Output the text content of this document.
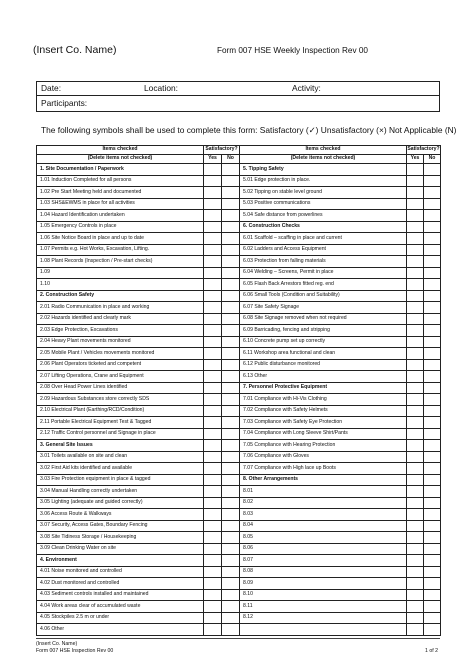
(Insert Co. Name)	Form 007 HSE Weekly Inspection Rev 00
Date:	Location:	Activity:
Participants:
The following symbols shall be used to complete this form: Satisfactory (✓) Unsatisfactory (×) Not Applicable (N)
Items checked	Satisfactory?		Items checked	Satisfactory?	
(Delete items not checked)	Yes	No	(Delete items not checked)	Yes	No
1. Site Documentation / Paperwork			5. Tipping Safety		
1.01 Induction Completed for all persons			5.01 Edge protection in place.		
1.02 Pre Start Meeting held and documented			5.02 Tipping on stable level ground		
1.03 SHS&EWMS in place for all activities			5.03 Positive communications		
1.04 Hazard Identification undertaken			5.04 Safe distance from powerlines		
1.05 Emergency Controls in place			6. Construction Checks		
1.06 Site Notice Board in place and up to date			6.01 Scaffold – scaffing in place and current		
1.07 Permits e.g. Hot Works, Excavation, Lifting.			6.02 Ladders and Access Equipment		
1.08 Plant Records (Inspection / Pre-start checks)			6.03 Protection from falling materials		
1.09			6.04 Welding – Screens, Permit in place		
1.10			6.05 Flash Back Arrestors fitted reg. end		
2. Construction Safety			6.06 Small Tools (Condition and Suitability)		
2.01 Radio Communication in place and working			6.07 Site Safety Signage		
2.02 Hazards identified and clearly mark			6.08 Site Signage removed when not required		
2.03 Edge Protection, Excavations			6.09 Barricading, fencing and stripping		
2.04 Heavy Plant movements monitored			6.10 Concrete pump set up correctly		
2.05 Mobile Plant / Vehicles movements monitored			6.11 Workshop area functional and clean		
2.06 Plant Operators ticketed and competent			6.12 Public disturbance monitored		
2.07 Lifting Operations, Crane and Equipment			6.13 Other		
2.08 Over Head Power Lines identified			7. Personnel Protective Equipment		
2.09 Hazardous Substances store correctly SDS			7.01 Compliance with Hi-Vis Clothing		
2.10 Electrical Plant (Earthing/RCD/Condition)			7.02 Compliance with Safety Helmets		
2.11 Portable Electrical Equipment Test & Tagged			7.03 Compliance with Safety Eye Protection		
2.12 Traffic Control personnel and Signage in place			7.04 Compliance with Long Sleeve Shirt/Pants		
3. General Site Issues			7.05 Compliance with Hearing Protection		
3.01 Toilets available on site and clean			7.06 Compliance with Gloves		
3.02 First Aid kits identified and available			7.07 Compliance with High lace up Boots		
3.03 Fire Protection equipment in place & tagged			8. Other Arrangements		
3.04 Manual Handling correctly undertaken			8.01		
3.05 Lighting (adequate and guided correctly)			8.02		
3.06 Access Route & Walkways			8.03		
3.07 Security, Access Gates, Boundary Fencing			8.04		
3.08 Site Tidiness Storage / Housekeeping			8.05		
3.09 Clean Drinking Water on site			8.06		
4. Environment			8.07		
4.01 Noise monitored and controlled			8.08		
4.02 Dust monitored and controlled			8.09		
4.03 Sediment controls installed and maintained			8.10		
4.04 Work areas clear of accumulated waste			8.11		
4.05 Stockpiles 2.5 m or under			8.12		
4.06 Other					
(Insert Co. Name)
Form 007 HSE Inspection Rev 00	1 of 2
